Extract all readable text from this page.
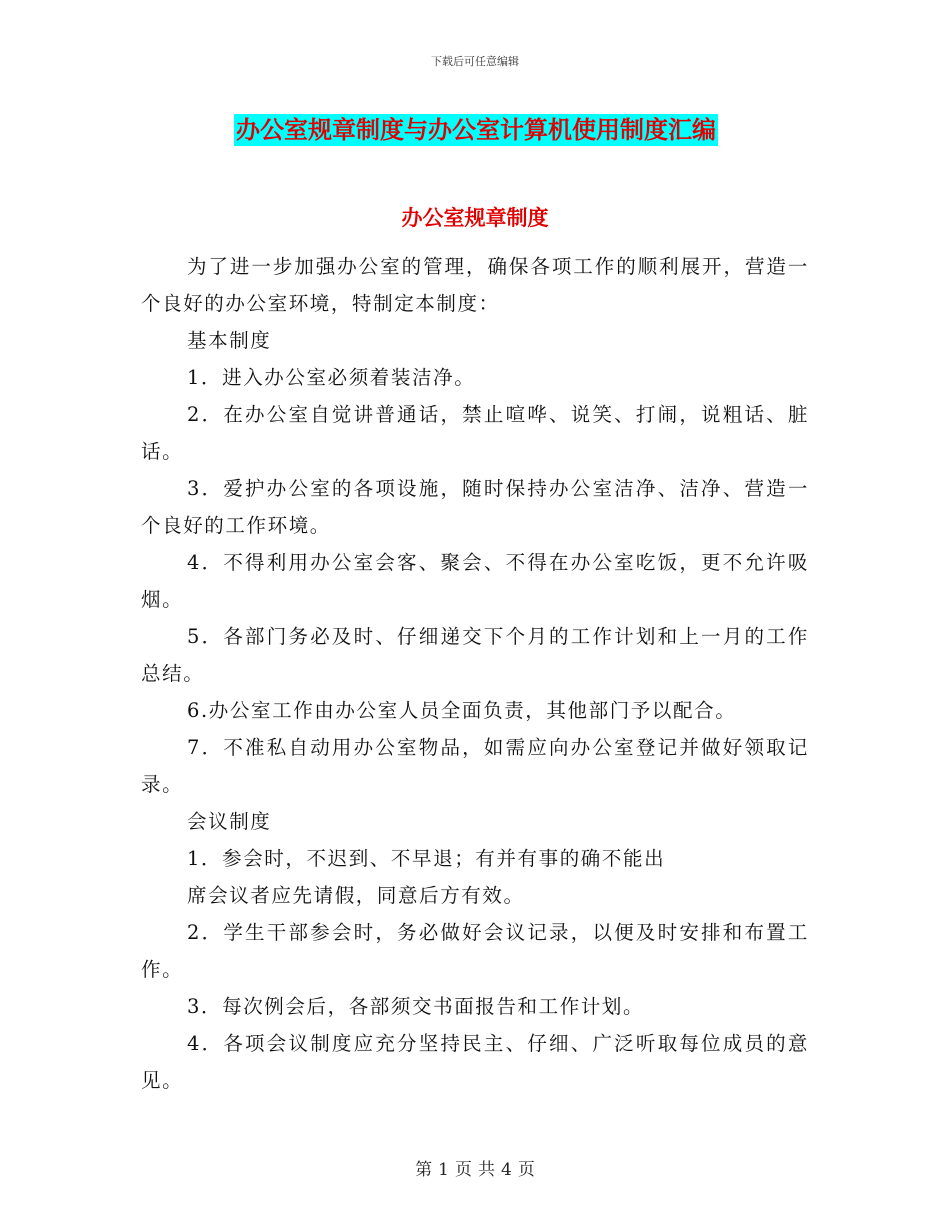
下载后可任意编辑
办公室规章制度与办公室计算机使用制度汇编
办公室规章制度

为了进一步加强办公室的管理，确保各项工作的顺利展开，营造一个良好的办公室环境，特制定本制度：

基本制度

1．进入办公室必须着装洁净。

2．在办公室自觉讲普通话，禁止喧哗、说笑、打闹，说粗话、脏话。

3．爱护办公室的各项设施，随时保持办公室洁净、洁净、营造一个良好的工作环境。

4．不得利用办公室会客、聚会、不得在办公室吃饭，更不允许吸烟。

5．各部门务必及时、仔细递交下个月的工作计划和上一月的工作总结。

6.办公室工作由办公室人员全面负责，其他部门予以配合。

7．不准私自动用办公室物品，如需应向办公室登记并做好领取记录。

会议制度

1．参会时，不迟到、不早退；有并有事的确不能出

席会议者应先请假，同意后方有效。

2．学生干部参会时，务必做好会议记录，以便及时安排和布置工作。

3．每次例会后，各部须交书面报告和工作计划。

4．各项会议制度应充分坚持民主、仔细、广泛听取每位成员的意见。

第 1 页 共 4 页
